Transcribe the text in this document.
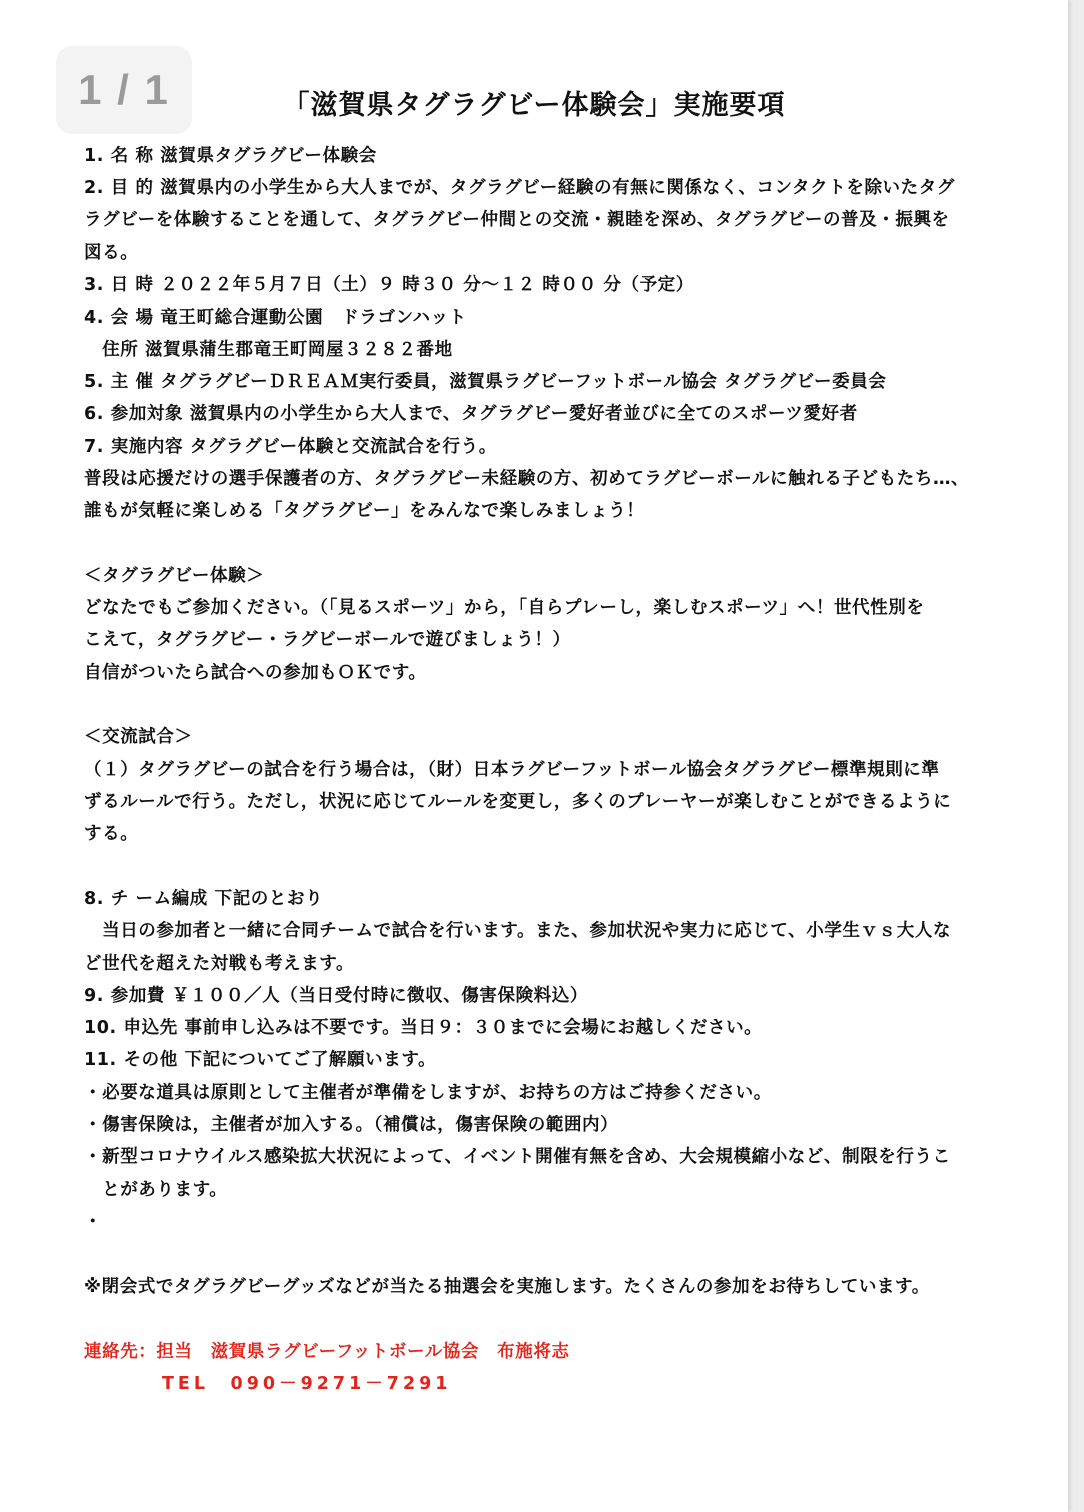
1 / 1	「滋賀県タグラグビー体験会」実施要項
1. 名 称 滋賀県タグラグビー体験会
2. 目 的 滋賀県内の小学生から大人までが、タグラグビー経験の有無に関係なく、コンタクトを除いたタグ
ラグビーを体験することを通して、タグラグビー仲間との交流・親睦を深め、タグラグビーの普及・振興を
図る。
3. 日 時 ２０２２年５月７日（土）９ 時３０ 分～１２ 時００ 分（予定）
4. 会 場 竜王町総合運動公園　ドラゴンハット
　住所 滋賀県蒲生郡竜王町岡屋３２８２番地
5. 主 催 タグラグビーＤＲＥＡＭ実行委員，滋賀県ラグビーフットボール協会 タグラグビー委員会
6. 参加対象 滋賀県内の小学生から大人まで、タグラグビー愛好者並びに全てのスポーツ愛好者
7. 実施内容 タグラグビー体験と交流試合を行う。
普段は応援だけの選手保護者の方、タグラグビー未経験の方、初めてラグビーボールに触れる子どもたち…、
誰もが気軽に楽しめる「タグラグビー」をみんなで楽しみましょう！
＜タグラグビー体験＞
どなたでもご参加ください。（「見るスポーツ」から，「自らプレーし，楽しむスポーツ」へ！世代性別を
こえて，タグラグビー・ラグビーボールで遊びましょう！）
自信がついたら試合への参加もＯＫです。
＜交流試合＞
（１）タグラグビーの試合を行う場合は，（財）日本ラグビーフットボール協会タグラグビー標準規則に準
ずるルールで行う。ただし，状況に応じてルールを変更し，多くのプレーヤーが楽しむことができるように
する。
8. チ ーム編成 下記のとおり
　当日の参加者と一緒に合同チームで試合を行います。また、参加状況や実力に応じて、小学生ｖｓ大人な
ど世代を超えた対戦も考えます。
9. 参加費 ￥１００／人（当日受付時に徴収、傷害保険料込）
10. 申込先 事前申し込みは不要です。当日９：３０までに会場にお越しください。
11. その他 下記についてご了解願います。
・必要な道具は原則として主催者が準備をしますが、お持ちの方はご持参ください。
・傷害保険は，主催者が加入する。（補償は，傷害保険の範囲内）
・新型コロナウイルス感染拡大状況によって、イベント開催有無を含め、大会規模縮小など、制限を行うこ
　とがあります。
・
※閉会式でタグラグビーグッズなどが当たる抽選会を実施します。たくさんの参加をお待ちしています。
連絡先：担当　滋賀県ラグビーフットボール協会　布施将志
TEL　090－9271－7291
